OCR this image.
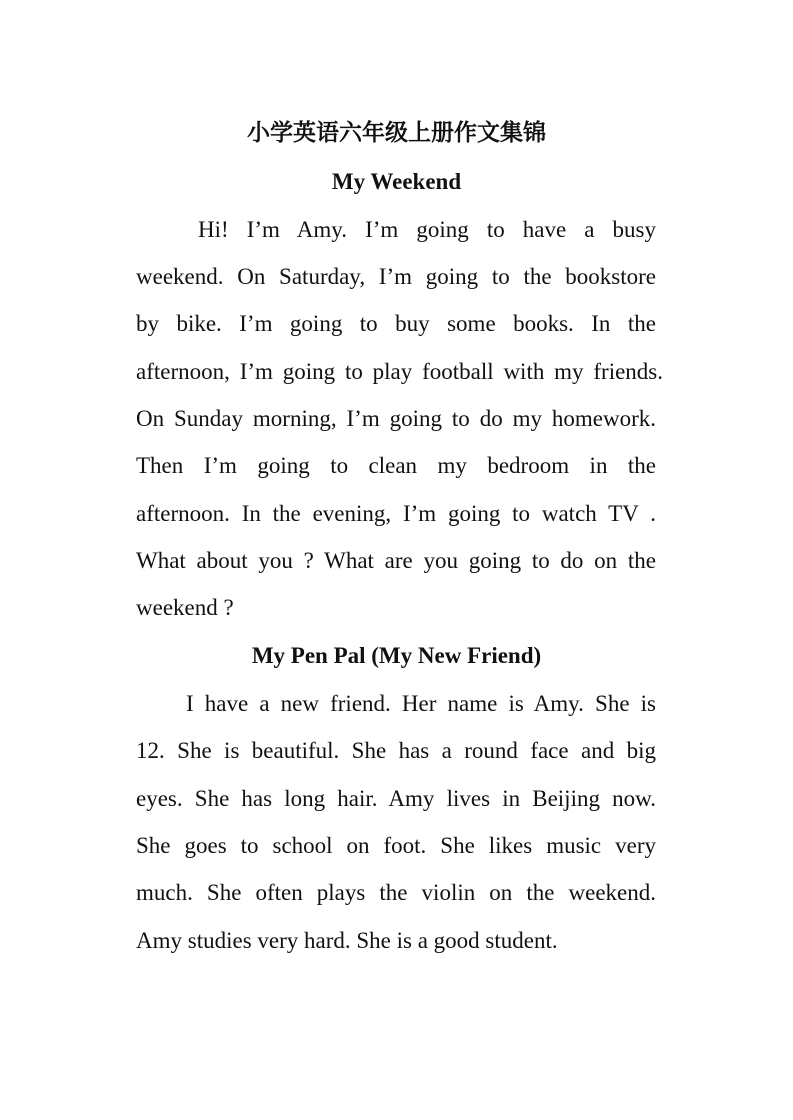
小学英语六年级上册作文集锦
My Weekend

Hi! I’m Amy. I’m going to have a busy

weekend. On Saturday, I’m going to the bookstore

by bike. I’m going to buy some books. In the

afternoon, I’m going to play football with my friends.

On Sunday morning, I’m going to do my homework.

Then I’m going to clean my bedroom in the

afternoon. In the evening, I’m going to watch TV .

What about you ? What are you going to do on the

weekend ?

My Pen Pal (My New Friend)

I have a new friend. Her name is Amy. She is

12. She is beautiful. She has a round face and big

eyes. She has long hair. Amy lives in Beijing now.

She goes to school on foot. She likes music very

much. She often plays the violin on the weekend.

Amy studies very hard. She is a good student.
